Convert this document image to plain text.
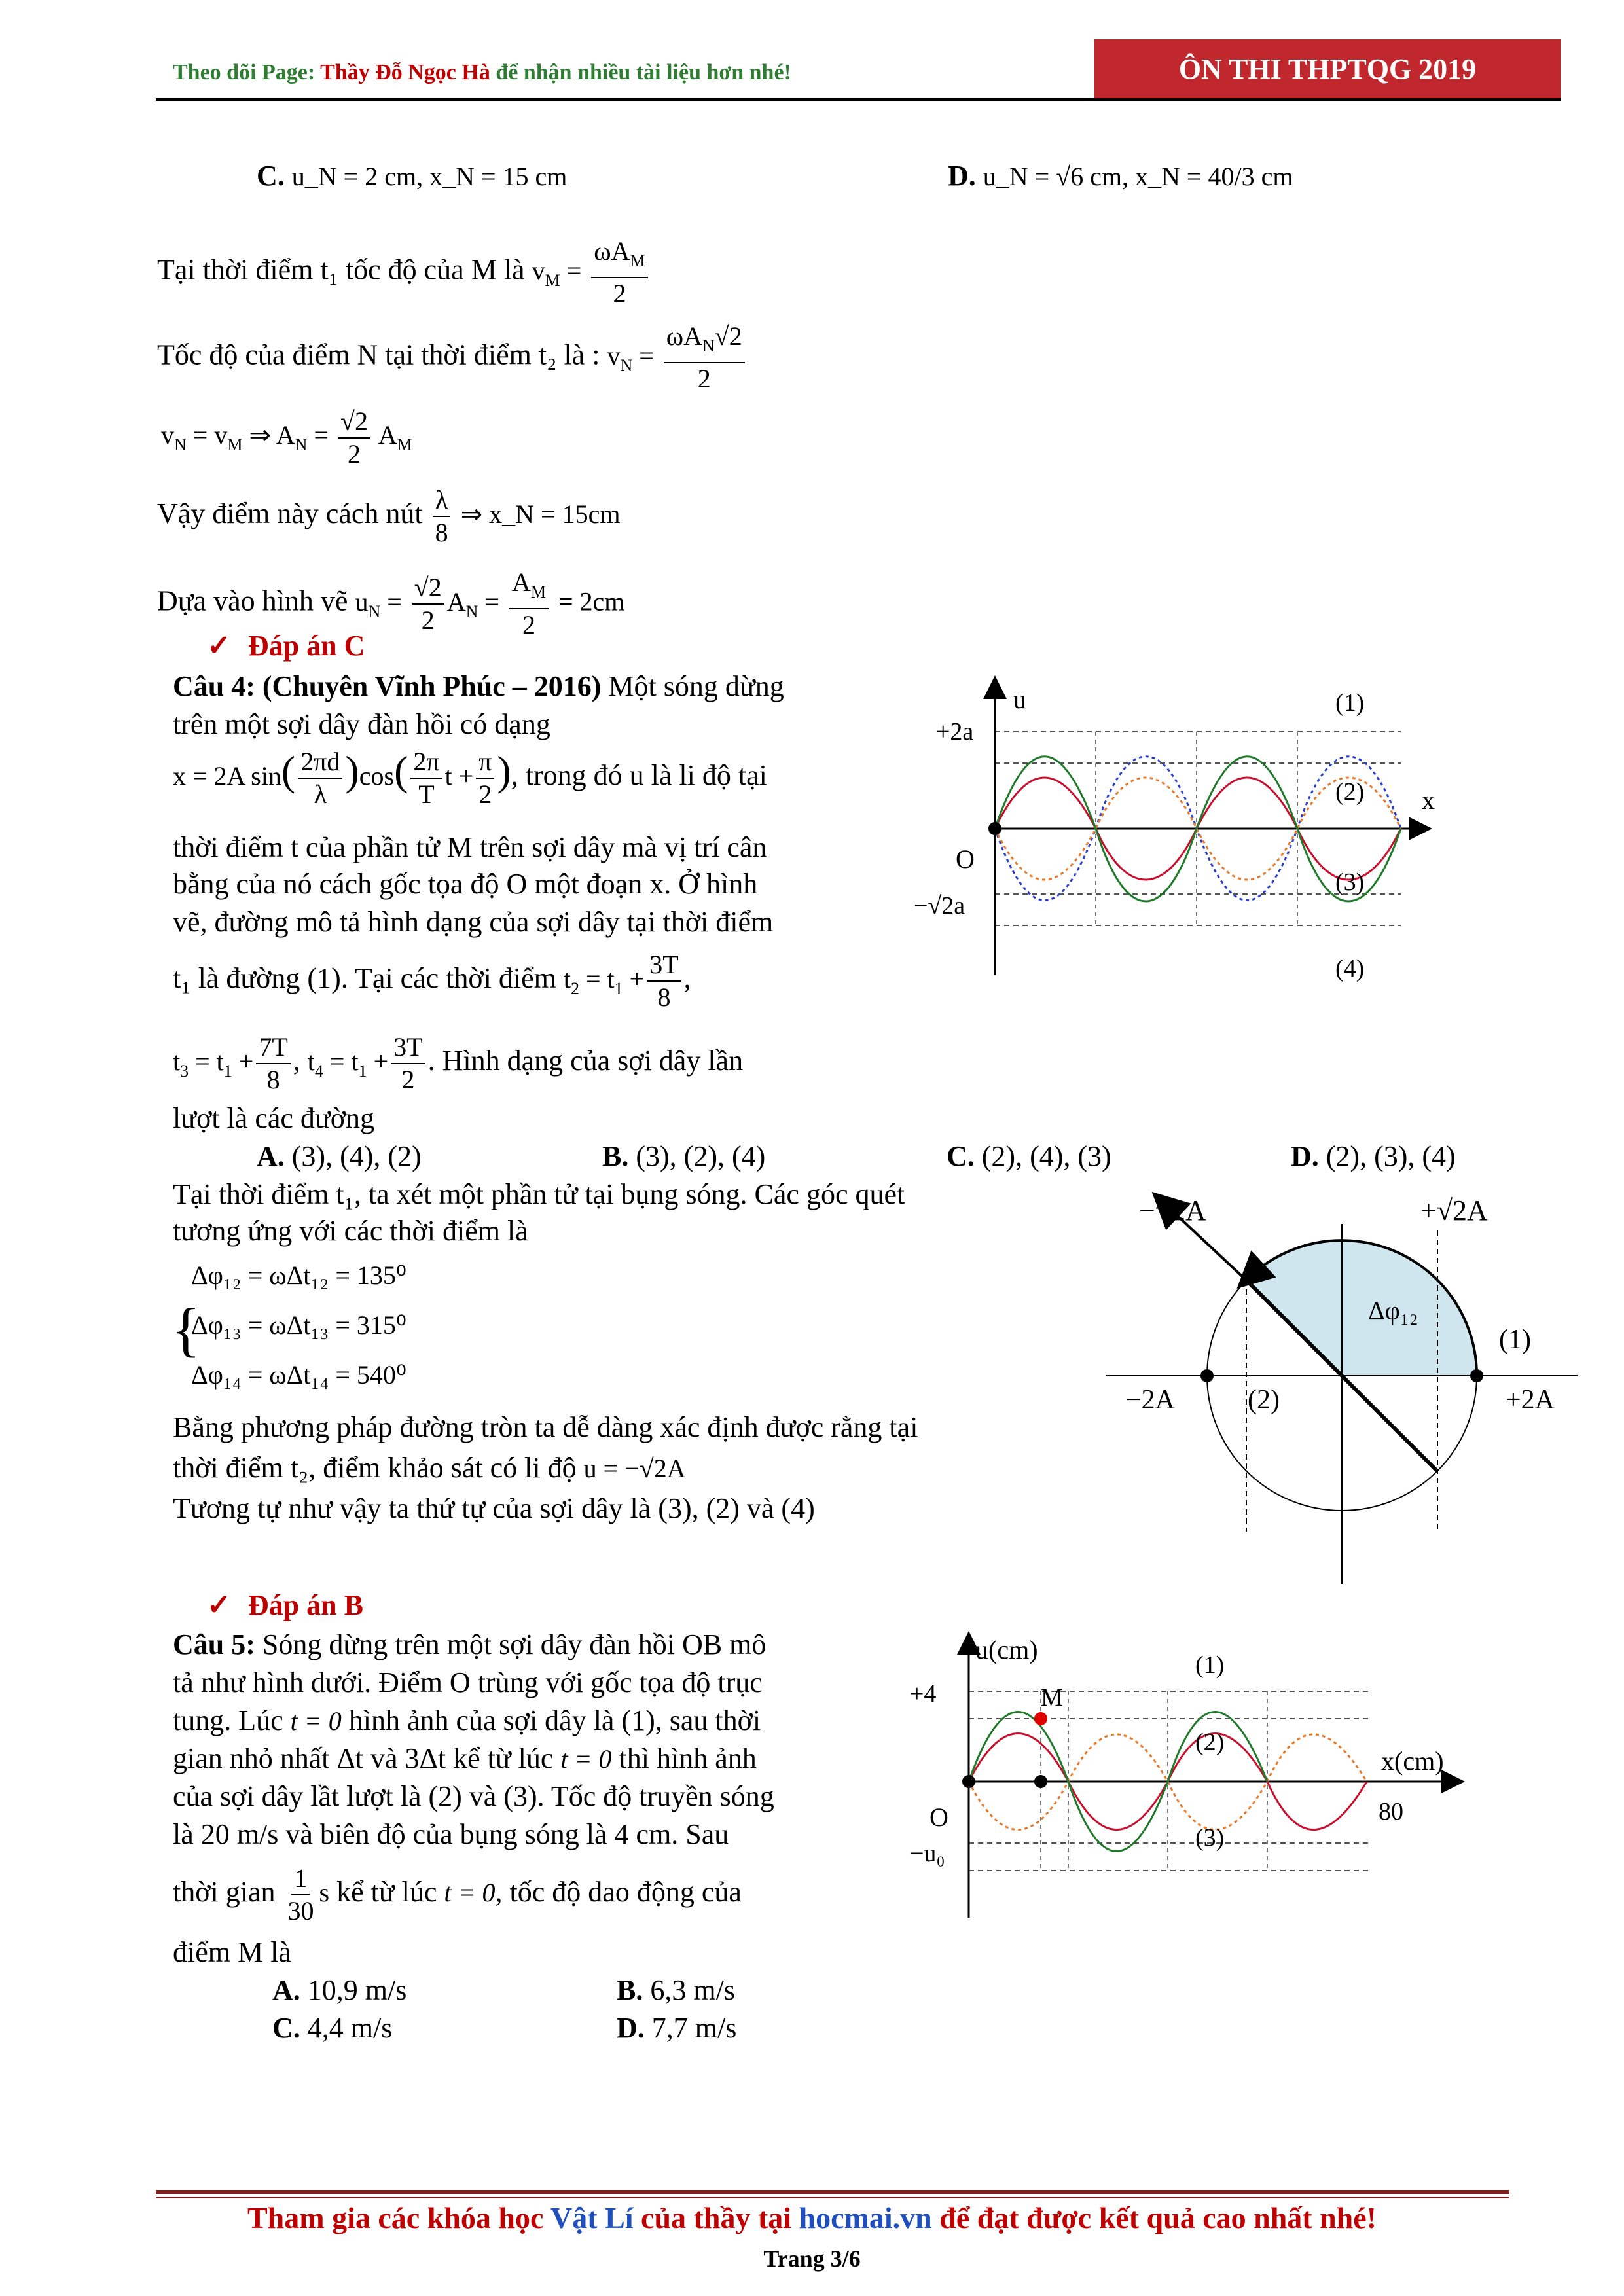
Theo dõi Page: Thầy Đỗ Ngọc Hà để nhận nhiều tài liệu hơn nhé!	ÔN THI THPTQG 2019
C. u_N = 2 cm, x_N = 15 cm	D. u_N = √6 cm, x_N = 40/3 cm
Tại thời điểm t₁ tốc độ của M là $v_M = \frac{\omega A_M}{2}$
Tốc độ của điểm N tại thời điểm t₂ là : $v_N = \frac{\omega A_N√2}{2}$
$v_N = v_M$ ⇒ $A_N = \frac{√2}{2} A_M$
Vậy điểm này cách nút $\frac{\lambda}{8}$ ⇒ x_N = 15cm
Dựa vào hình vẽ $u_N = \frac{√2}{2} A_N = \frac{A_M}{2} = 2cm$
✓ Đáp án C
Câu 4: (Chuyên Vĩnh Phúc – 2016) Một sóng dừng
trên một sợi dây đàn hồi có dạng
x = 2A $\sin( \frac{2\pi d}{\lambda} )\cos( \frac{2\pi}{T}$ $t + \frac{\pi}{2}$ ), trong đó u là li độ tại
thời điểm t của phần tử M trên sợi dây mà vị trí cân
bằng của nó cách gốc tọa độ O một đoạn x. Ở hình
vẽ, đường mô tả hình dạng của sợi dây tại thời điểm
t₁ là đường (1). Tại các thời điểm $t_2 = t_1 + \frac{3T}{8}$ ,
$t_3 = t_1 + \frac{7T}{8}$ , $t_4 = t_1 + \frac{3T}{2}$ . Hình dạng của sợi dây lần
lượt là các đường
A. (3), (4), (2)	B. (3), (2), (4)	C. (2), (4), (3)	D. (2), (3), (4)
Tại thời điểm t₁, ta xét một phần tử tại bụng sóng. Các góc quét
tương ứng với các thời điểm là
{
Δφ₁₂ = ωΔt₁₂ = 135⁰
Δφ₁₃ = ωΔt₁₃ = 315⁰
Δφ₁₄ = ωΔt₁₄ = 540⁰
Bằng phương pháp đường tròn ta dễ dàng xác định được rằng tại
thời điểm t₂, điểm khảo sát có li độ u = −√2A
Tương tự như vậy ta thứ tự của sợi dây là (3), (2) và (4)
✓ Đáp án B
u
x
O
+2a
−√2a
(1)
(2)
(3)
(4)
−√2A	+√2A
−2A	+2A
(1)
(2)
Δφ₁₂
Câu 5: Sóng dừng trên một sợi dây đàn hồi OB mô
tả như hình dưới. Điểm O trùng với gốc tọa độ trục
tung. Lúc t = 0 hình ảnh của sợi dây là (1), sau thời
gian nhỏ nhất Δt và 3Δt kể từ lúc t = 0 thì hình ảnh
của sợi dây lầt lượt là (2) và (3). Tốc độ truyền sóng
là 20 m/s và biên độ của bụng sóng là 4 cm. Sau
thời gian $\frac{1}{30}$ s kể từ lúc t = 0, tốc độ dao động của
điểm M là
A. 10,9 m/s	B. 6,3 m/s
C. 4,4 m/s	D. 7,7 m/s
u(cm)
x(cm)
O
+4
−u₀
80
M
(1)
(2)
(3)
Tham gia các khóa học Vật Lí của thầy tại hocmai.vn để đạt được kết quả cao nhất nhé!
Trang 3/6
